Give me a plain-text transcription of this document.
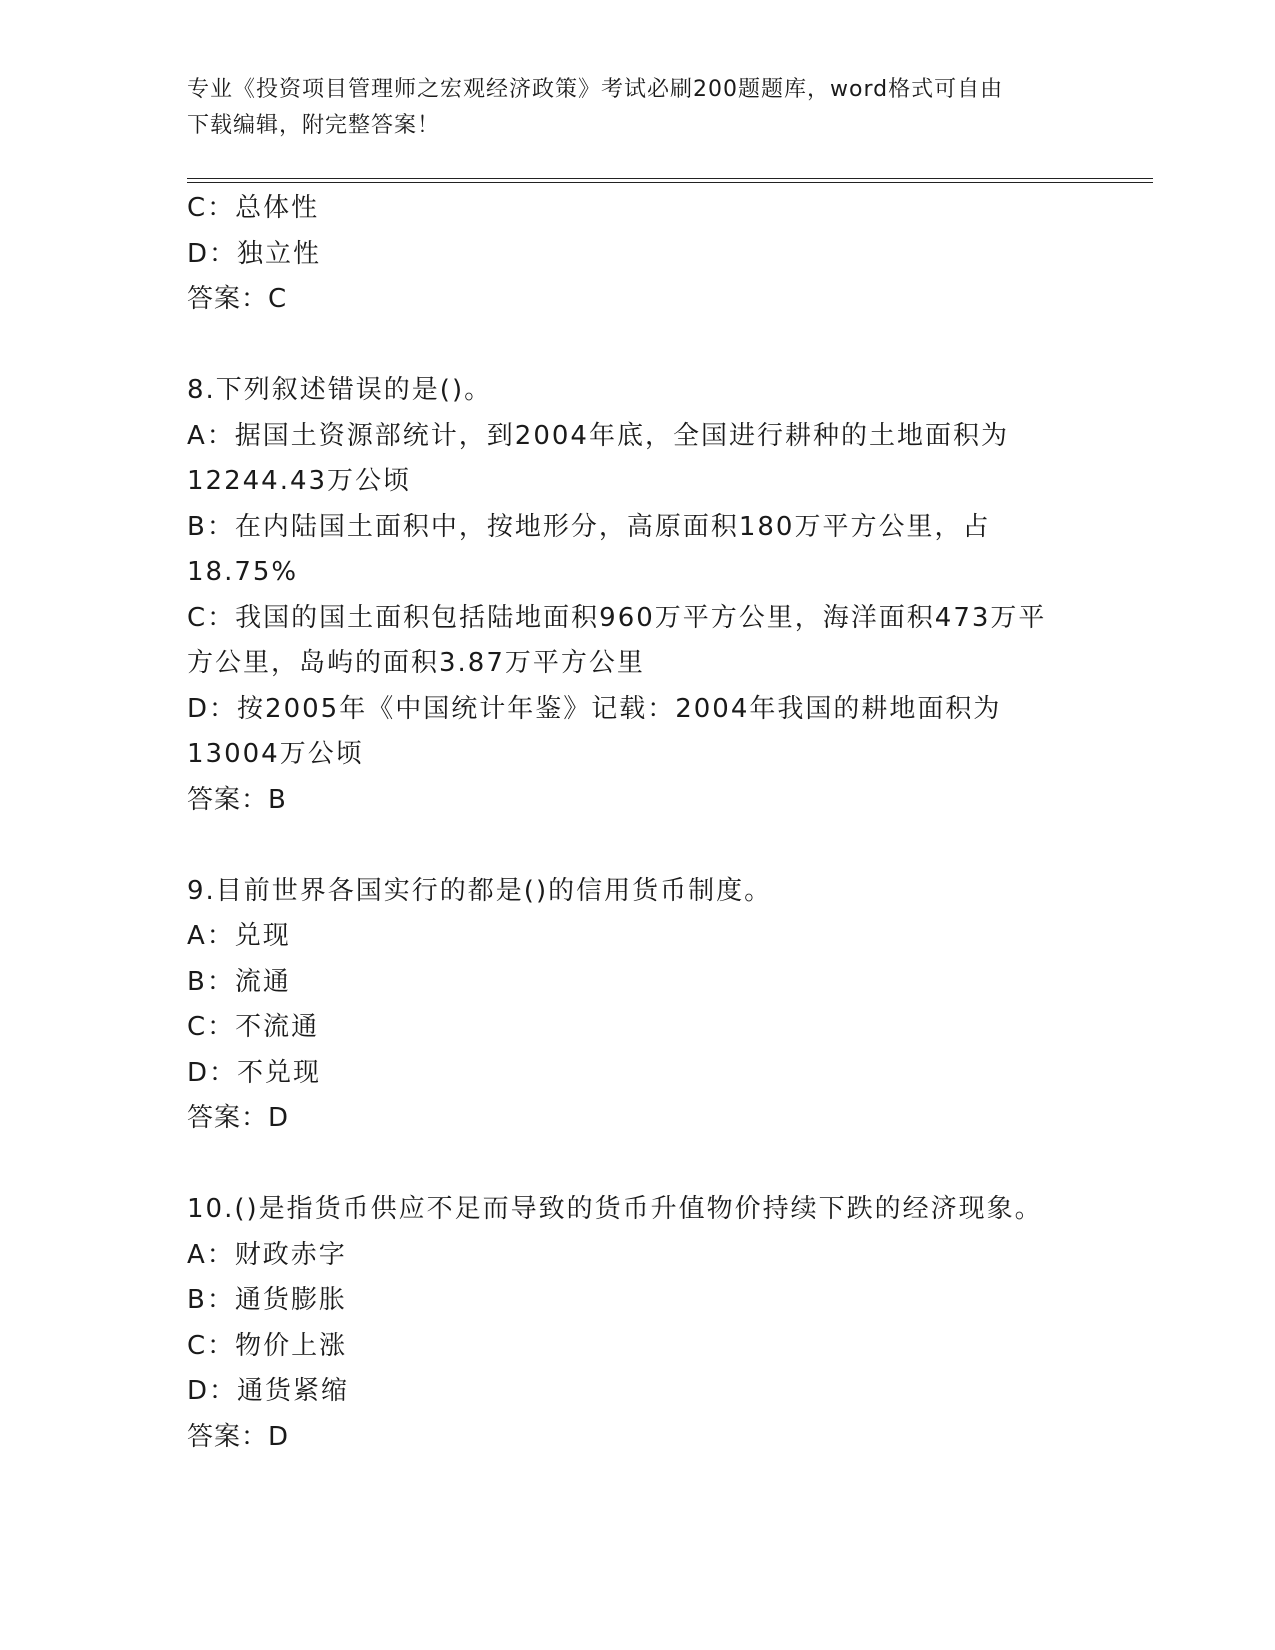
专业《投资项目管理师之宏观经济政策》考试必刷200题题库，word格式可自由
下载编辑，附完整答案！
C：总体性
D：独立性
答案：C
8.下列叙述错误的是()。
A：据国土资源部统计，到2004年底，全国进行耕种的土地面积为
12244.43万公顷
B：在内陆国土面积中，按地形分，高原面积180万平方公里，占
18.75%
C：我国的国土面积包括陆地面积960万平方公里，海洋面积473万平
方公里，岛屿的面积3.87万平方公里
D：按2005年《中国统计年鉴》记载：2004年我国的耕地面积为
13004万公顷
答案：B
9.目前世界各国实行的都是()的信用货币制度。
A：兑现
B：流通
C：不流通
D：不兑现
答案：D
10.()是指货币供应不足而导致的货币升值物价持续下跌的经济现象。
A：财政赤字
B：通货膨胀
C：物价上涨
D：通货紧缩
答案：D
